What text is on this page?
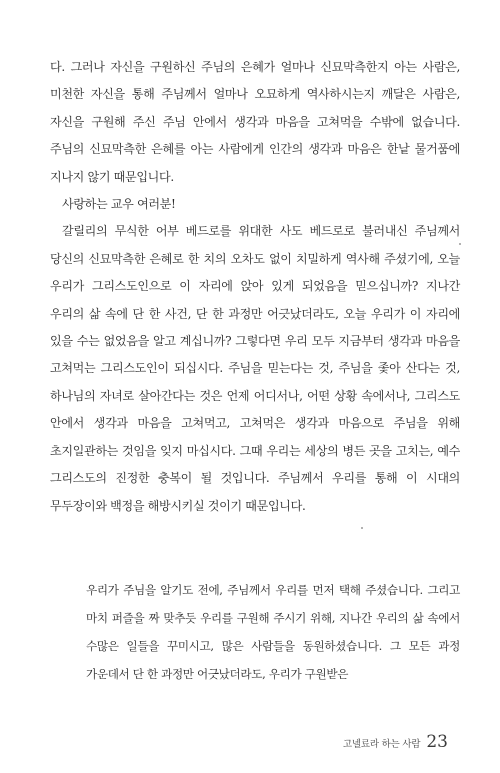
다. 그러나 자신을 구원하신 주님의 은혜가 얼마나 신묘막측한지 아는 사람은, 미천한 자신을 통해 주님께서 얼마나 오묘하게 역사하시는지 깨달은 사람은, 자신을 구원해 주신 주님 안에서 생각과 마음을 고쳐먹을 수밖에 없습니다. 주님의 신묘막측한 은혜를 아는 사람에게 인간의 생각과 마음은 한낱 물거품에 지나지 않기 때문입니다.

사랑하는 교우 여러분!

갈릴리의 무식한 어부 베드로를 위대한 사도 베드로로 불러내신 주님께서 당신의 신묘막측한 은혜로 한 치의 오차도 없이 치밀하게 역사해 주셨기에, 오늘 우리가 그리스도인으로 이 자리에 앉아 있게 되었음을 믿으십니까? 지나간 우리의 삶 속에 단 한 사건, 단 한 과정만 어긋났더라도, 오늘 우리가 이 자리에 있을 수는 없었음을 알고 계십니까? 그렇다면 우리 모두 지금부터 생각과 마음을 고쳐먹는 그리스도인이 되십시다. 주님을 믿는다는 것, 주님을 좇아 산다는 것, 하나님의 자녀로 살아간다는 것은 언제 어디서나, 어떤 상황 속에서나, 그리스도 안에서 생각과 마음을 고쳐먹고, 고쳐먹은 생각과 마음으로 주님을 위해 초지일관하는 것임을 잊지 마십시다. 그때 우리는 세상의 병든 곳을 고치는, 예수 그리스도의 진정한 충복이 될 것입니다. 주님께서 우리를 통해 이 시대의 무두장이와 백정을 해방시키실 것이기 때문입니다.

우리가 주님을 알기도 전에, 주님께서 우리를 먼저 택해 주셨습니다. 그리고 마치 퍼즐을 짜 맞추듯 우리를 구원해 주시기 위해, 지나간 우리의 삶 속에서 수많은 일들을 꾸미시고, 많은 사람들을 동원하셨습니다. 그 모든 과정 가운데서 단 한 과정만 어긋났더라도, 우리가 구원받은

고넬료라 하는 사람 23
